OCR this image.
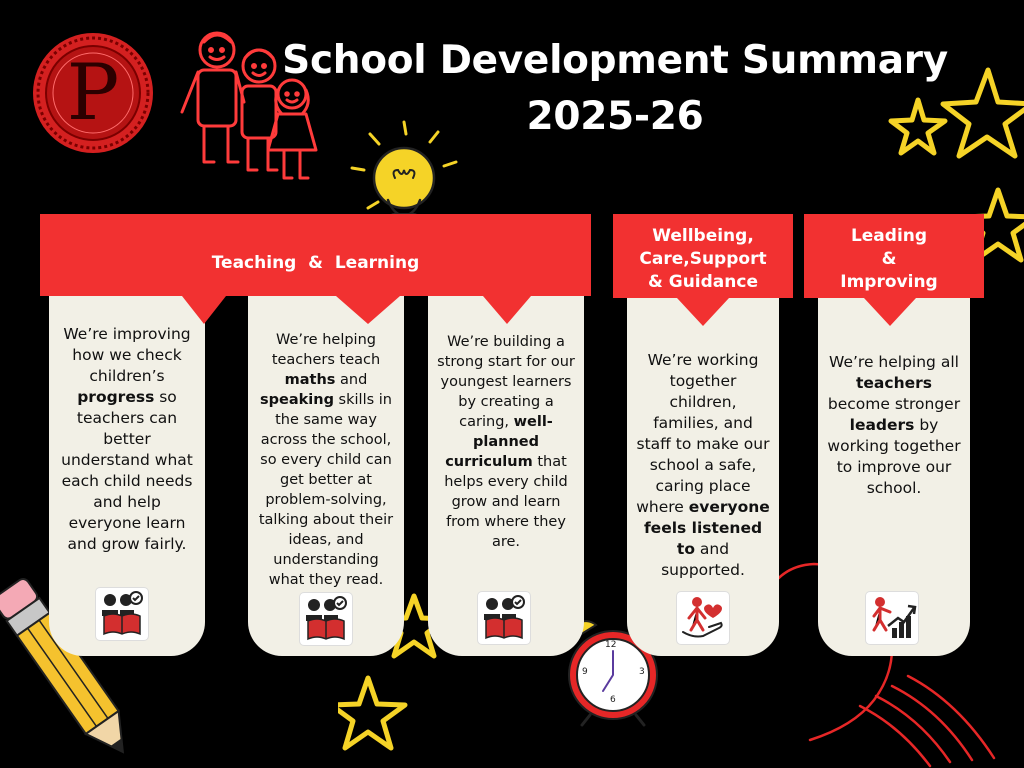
P
12
3
6
9
School Development Summary
2025-26
We’re improving how we check children’s progress so teachers can better understand what each child needs and help everyone learn and grow fairly.
We’re helping teachers teach maths and speaking skills in the same way across the school, so every child can get better at problem-solving, talking about their ideas, and understanding what they read.
We’re building a strong start for our youngest learners by creating a caring, well-planned curriculum that helps every child grow and learn from where they are.
We’re working together children, families, and staff to make our school a safe, caring place where everyone feels listened to and supported.
We’re helping all teachers become stronger leaders by working together to improve our school.
Teaching  &  Learning
Wellbeing,
Care,Support
& Guidance
Leading
&
Improving
